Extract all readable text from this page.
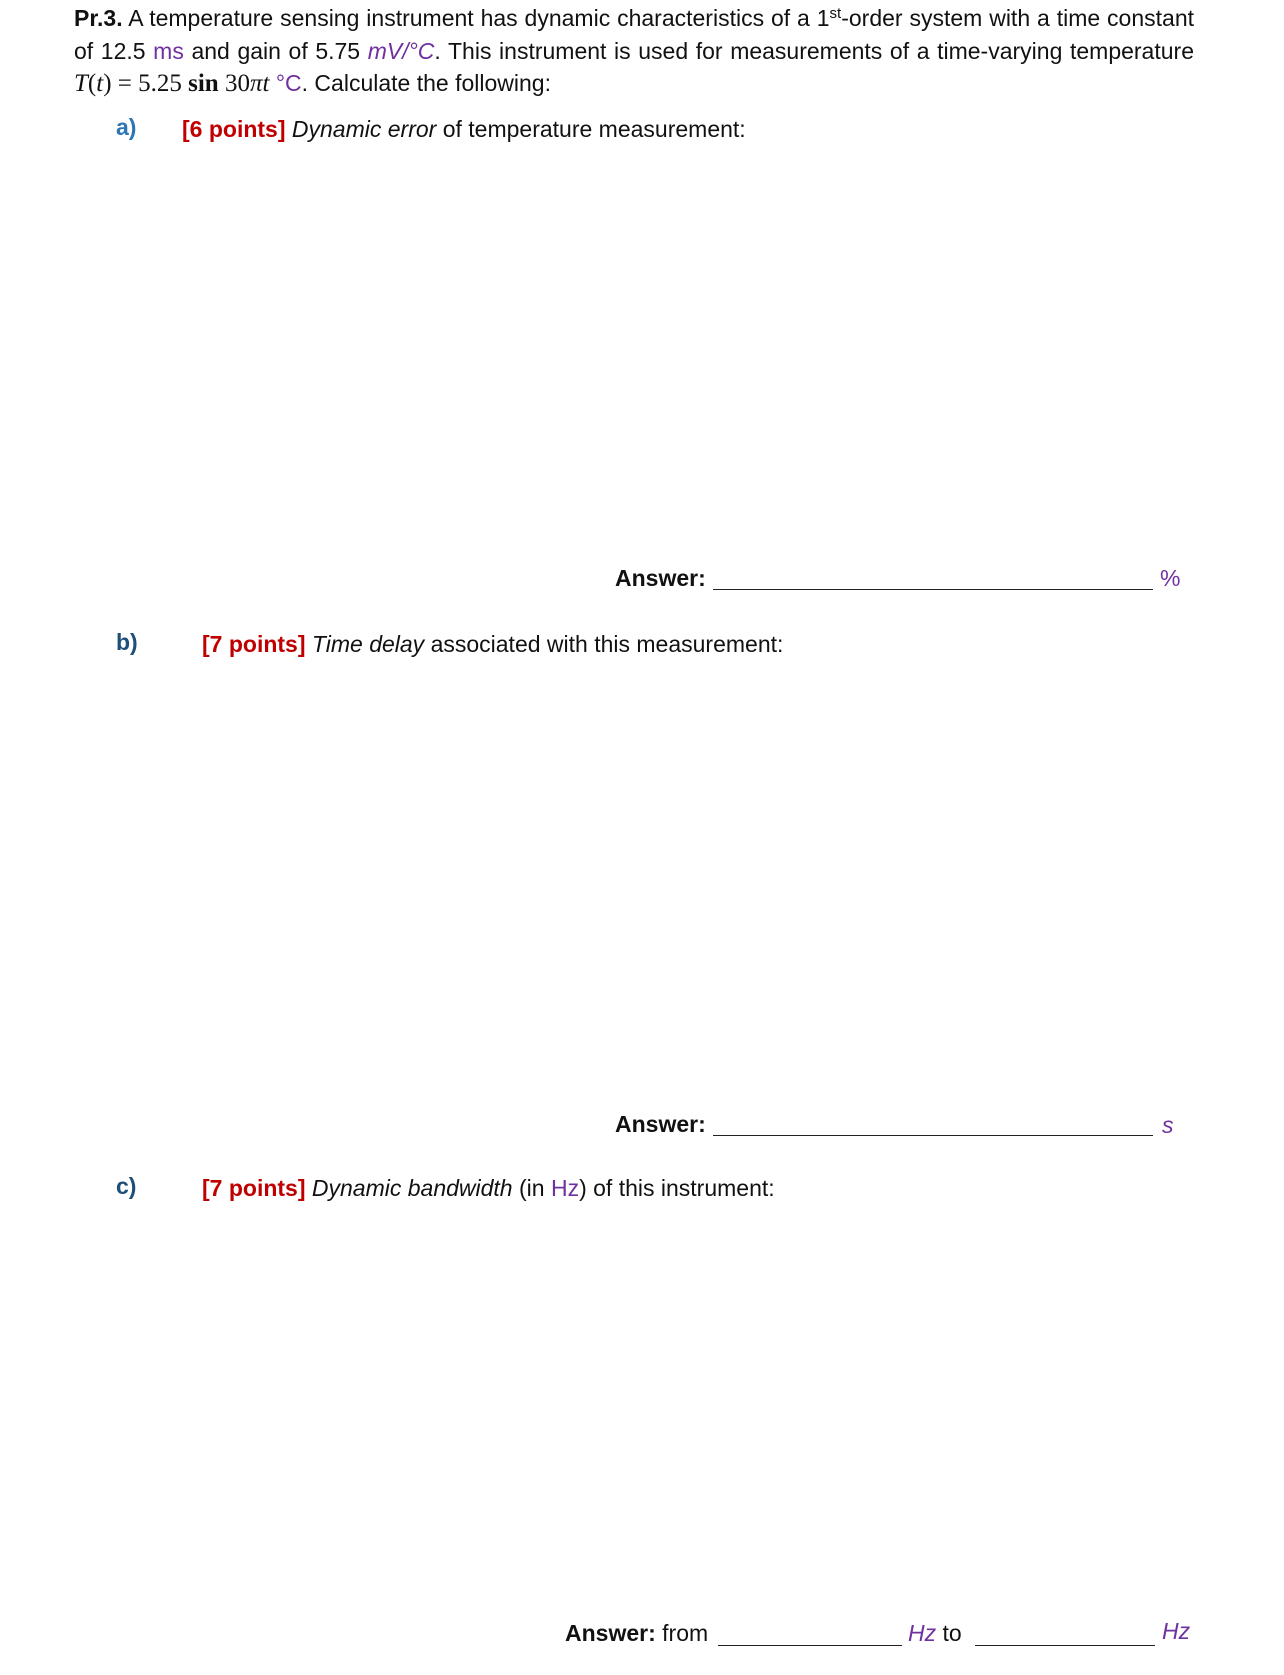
Pr.3. A temperature sensing instrument has dynamic characteristics of a 1st-order system with a time constant of 12.5 ms and gain of 5.75 mV/°C. This instrument is used for measurements of a time-varying temperature T(t) = 5.25 sin 30πt °C. Calculate the following:
a) [6 points] Dynamic error of temperature measurement:
Answer:	%
b)	[7 points] Time delay associated with this measurement:
Answer:	s
c)	[7 points] Dynamic bandwidth (in Hz) of this instrument:
Answer: from	Hz to	Hz
